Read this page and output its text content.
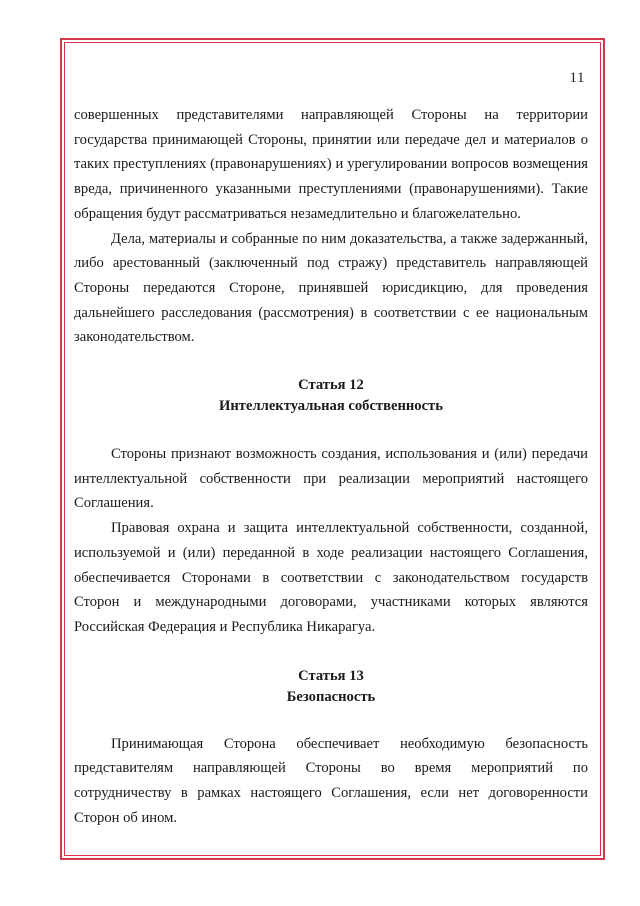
11

совершенных представителями направляющей Стороны на территории государства принимающей Стороны, принятии или передаче дел и материалов о таких преступлениях (правонарушениях) и урегулировании вопросов возмещения вреда, причиненного указанными преступлениями (правонарушениями). Такие обращения будут рассматриваться незамедлительно и благожелательно.

Дела, материалы и собранные по ним доказательства, а также задержанный, либо арестованный (заключенный под стражу) представитель направляющей Стороны передаются Стороне, принявшей юрисдикцию, для проведения дальнейшего расследования (рассмотрения) в соответствии с ее национальным законодательством.

Статья 12
Интеллектуальная собственность

Стороны признают возможность создания, использования и (или) передачи интеллектуальной собственности при реализации мероприятий настоящего Соглашения.

Правовая охрана и защита интеллектуальной собственности, созданной, используемой и (или) переданной в ходе реализации настоящего Соглашения, обеспечивается Сторонами в соответствии с законодательством государств Сторон и международными договорами, участниками которых являются Российская Федерация и Республика Никарагуа.

Статья 13
Безопасность

Принимающая Сторона обеспечивает необходимую безопасность представителям направляющей Стороны во время мероприятий по сотрудничеству в рамках настоящего Соглашения, если нет договоренности Сторон об ином.
